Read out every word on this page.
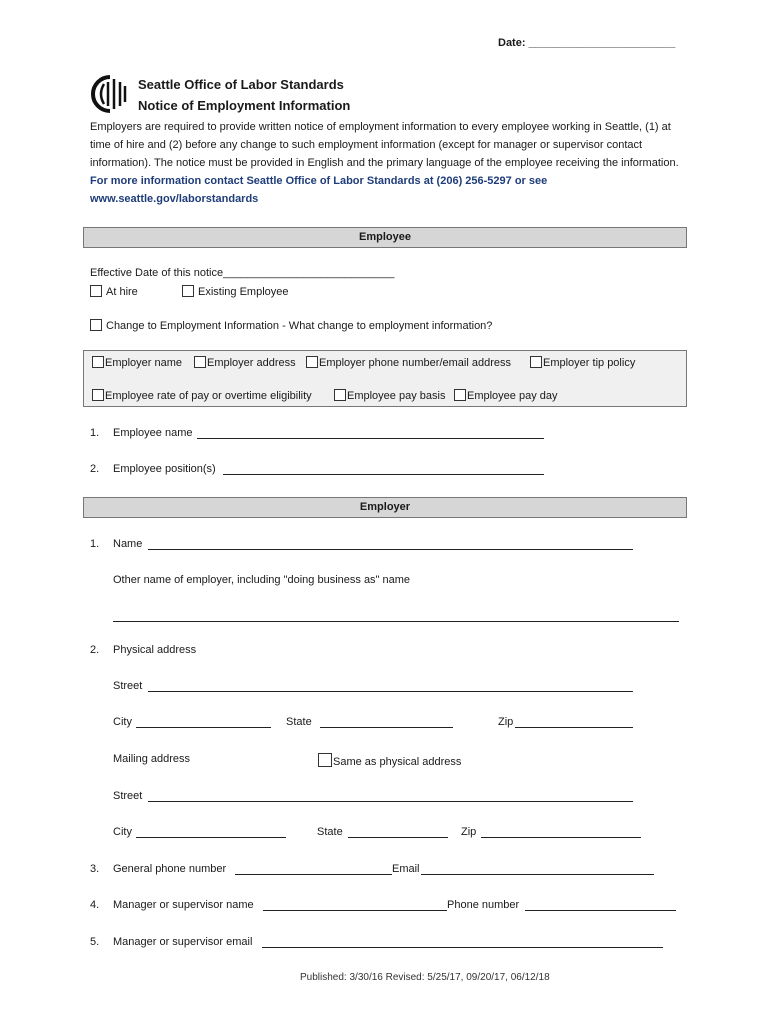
Date: ________________________
Seattle Office of Labor Standards
Notice of Employment Information
Employers are required to provide written notice of employment information to every employee working in Seattle, (1) at time of hire and (2) before any change to such employment information (except for manager or supervisor contact information). The notice must be provided in English and the primary language of the employee receiving the information. For more information contact Seattle Office of Labor Standards at (206) 256-5297 or see www.seattle.gov/laborstandards
Employee
Effective Date of this notice____________________________
At hire	Existing Employee
Change to Employment Information - What change to employment information?
Employer name	Employer address	Employer phone number/email address	Employer tip policy
Employee rate of pay or overtime eligibility	Employee pay basis	Employee pay day
1. Employee name
2. Employee position(s)
Employer
1. Name
Other name of employer, including "doing business as" name
2. Physical address
Street
City	State	Zip
Mailing address	Same as physical address
Street
City	State	Zip
3. General phone number	Email
4. Manager or supervisor name	Phone number
5. Manager or supervisor email
Published: 3/30/16 Revised: 5/25/17, 09/20/17, 06/12/18
